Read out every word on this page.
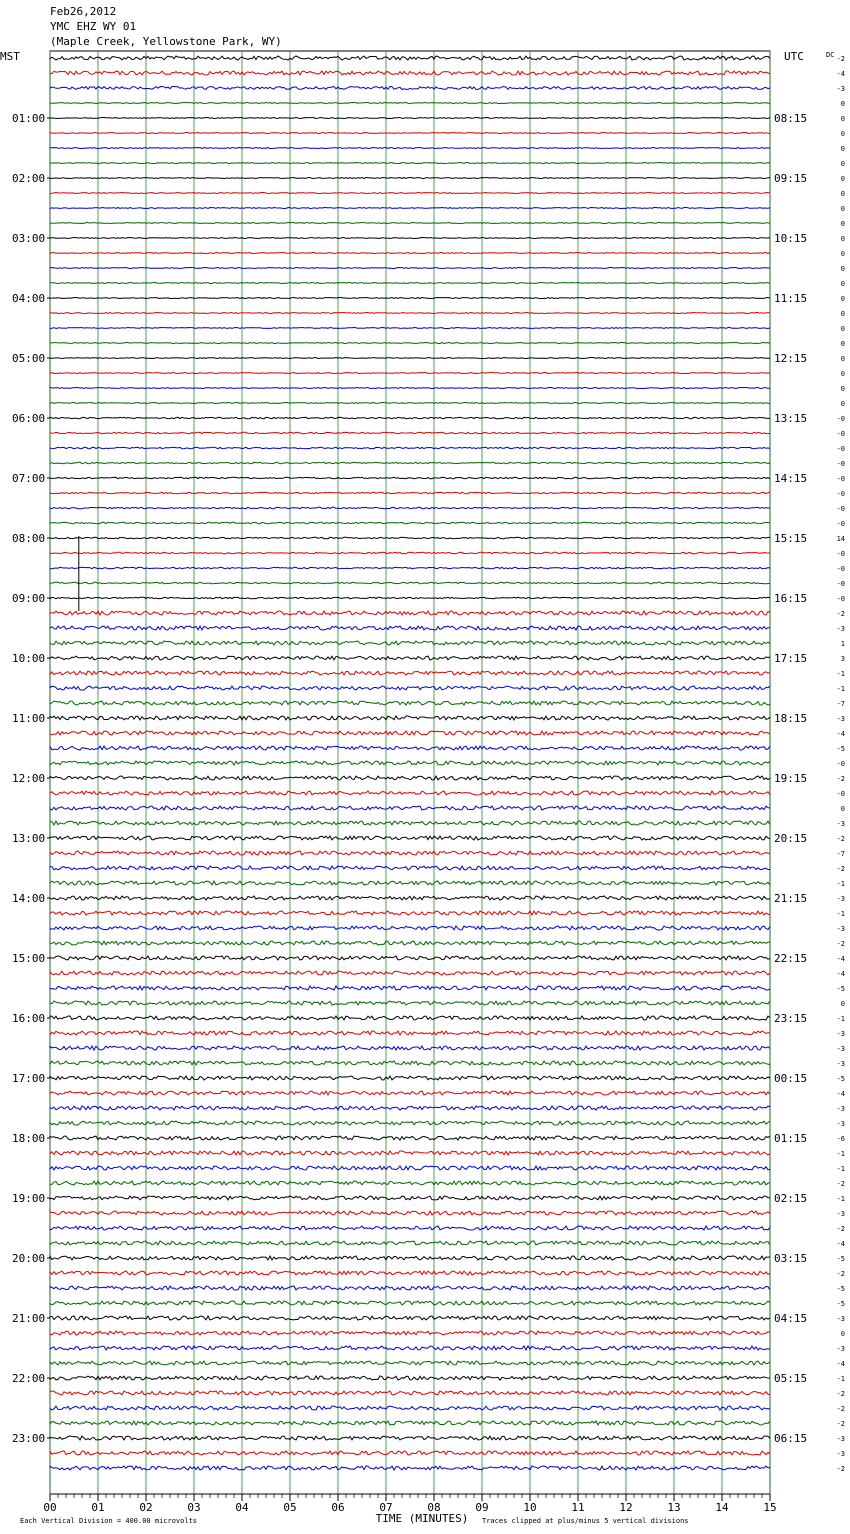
Feb26,2012
YMC EHZ WY 01
(Maple Creek, Yellowstone Park, WY)
00	01	02	03	04	05	06	07	08	09	10	11	12	13	14	15
-2
-4
-3
0
0
01:00	08:15
0
0
0
0
02:00	09:15
0
0
0
0
03:00	10:15
0
0
0
0
04:00	11:15
0
0
0
0
05:00	12:15
0
0
0
-0
06:00	13:15
-0
-0
-0
-0
07:00	14:15
-0
-0
-0
14
08:00	15:15
-0
-0
-0
-0
09:00	16:15
-2
-3
1
3
10:00	17:15
-1
-1
-7
-3
11:00	18:15
-4
-5
-0
-2
12:00	19:15
-0
0
-3
-2
13:00	20:15
-7
-2
-1
-3
14:00	21:15
-1
-3
-2
-4
15:00	22:15
-4
-5
0
-1
16:00	23:15
-3
-3
-3
-5
17:00	00:15
-4
-3
-3
-6
18:00	01:15
-1
-1
-2
-1
19:00	02:15
-3
-2
-4
-5
20:00	03:15
-2
-5
-5
-3
21:00	04:15
0
-3
-4
-1
22:00	05:15
-2
-2
-2
-3
23:00	06:15
-3
-2
MST	UTC	DC
TIME (MINUTES)
Each Vertical Division = 400.00 microvolts	Traces clipped at plus/minus 5 vertical divisions
